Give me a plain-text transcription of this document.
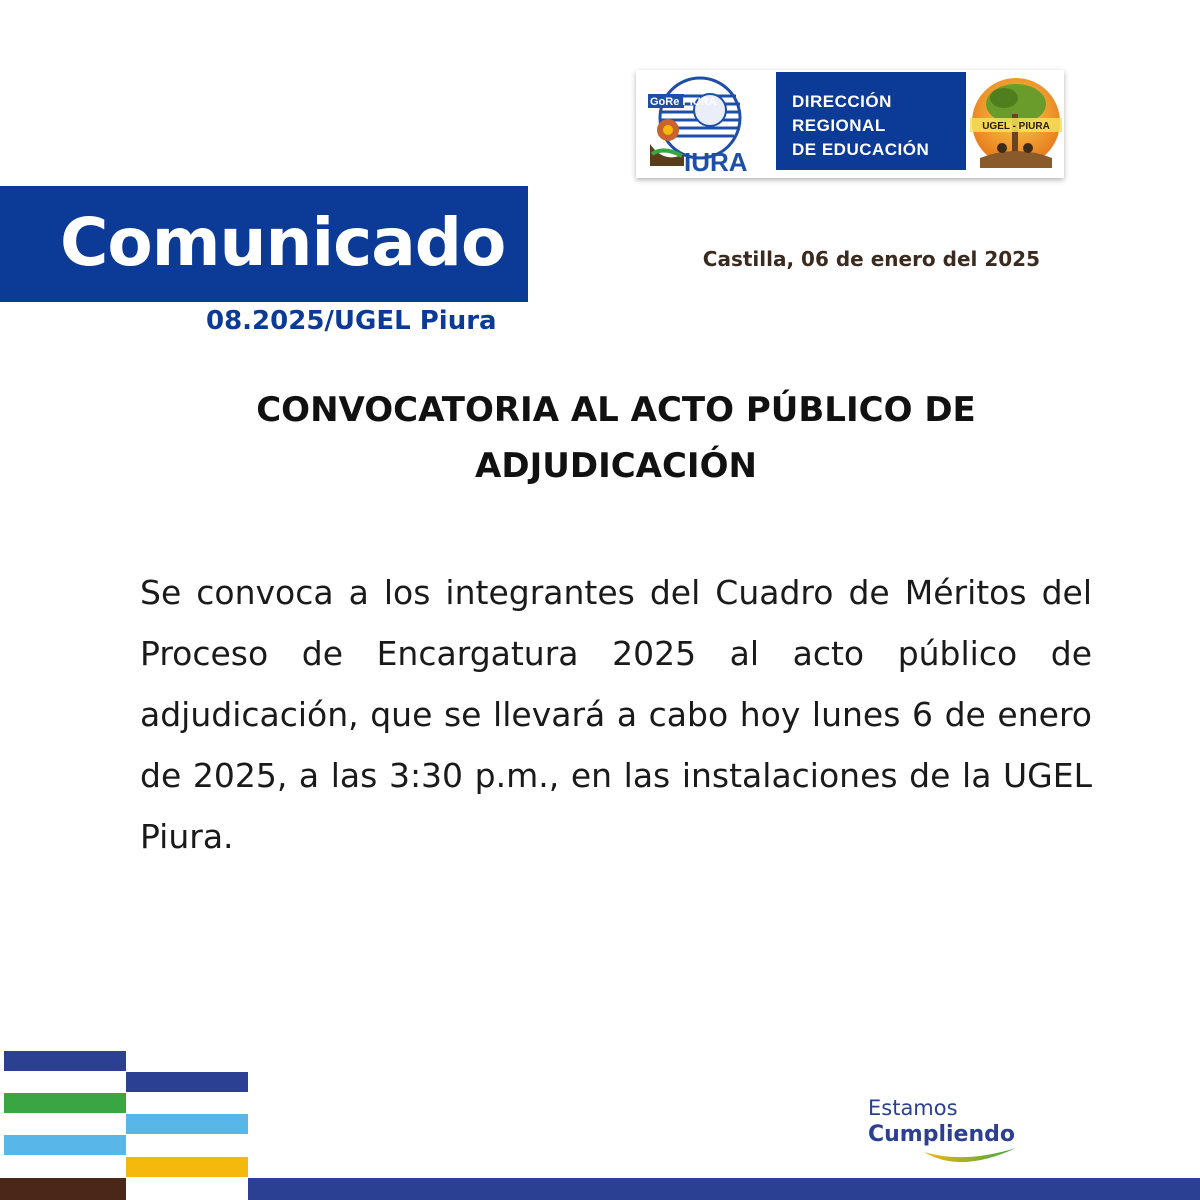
GoRe PIURA
IURA
DIRECCIÓN
REGIONAL
DE EDUCACIÓN
UGEL - PIURA
Comunicado
08.2025/UGEL Piura
Castilla, 06 de enero del 2025
CONVOCATORIA AL ACTO PÚBLICO DE
ADJUDICACIÓN
Se convoca a los integrantes del Cuadro de Méritos del Proceso de Encargatura 2025 al acto público de adjudicación, que se llevará a cabo hoy lunes 6 de enero de 2025, a las 3:30 p.m., en las instalaciones de la UGEL Piura.
Estamos
Cumpliendo
